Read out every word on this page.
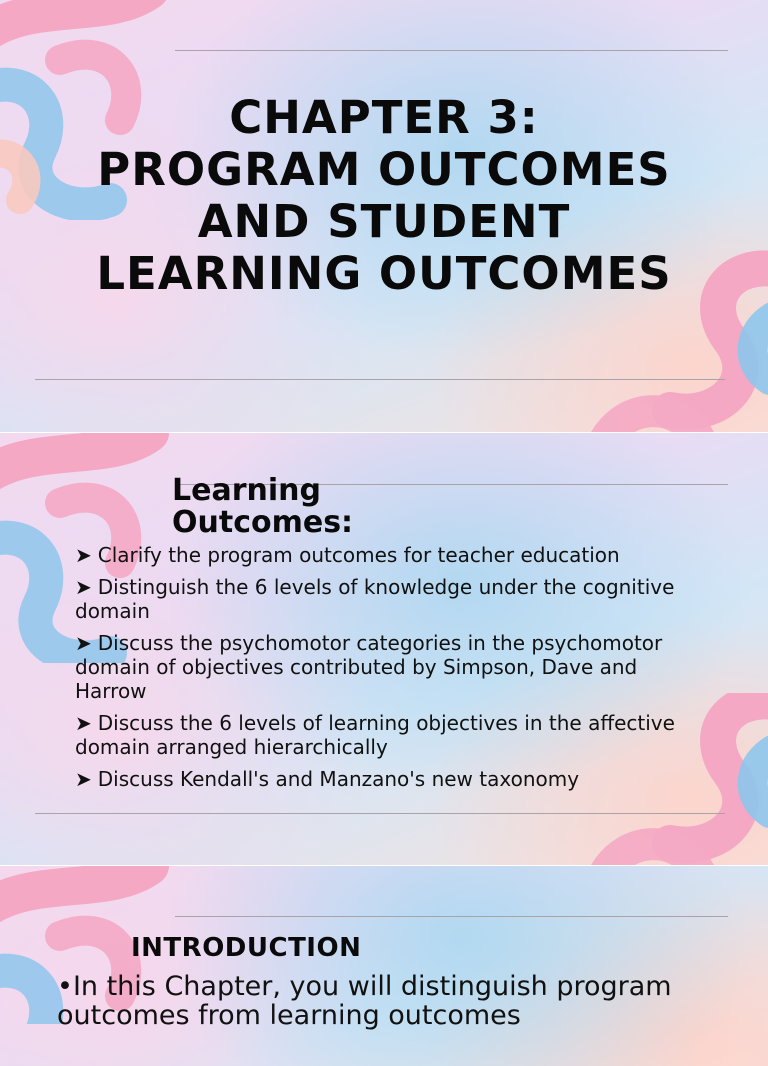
CHAPTER 3:
PROGRAM OUTCOMES
AND STUDENT
LEARNING OUTCOMES
Learning
Outcomes:
➤ Clarify the program outcomes for teacher education
➤ Distinguish the 6 levels of knowledge under the cognitive domain
➤ Discuss the psychomotor categories in the psychomotor domain of objectives contributed by Simpson, Dave and Harrow
➤ Discuss the 6 levels of learning objectives in the affective domain arranged hierarchically
➤ Discuss Kendall's and Manzano's new taxonomy
INTRODUCTION

•In this Chapter, you will distinguish program outcomes from learning outcomes
